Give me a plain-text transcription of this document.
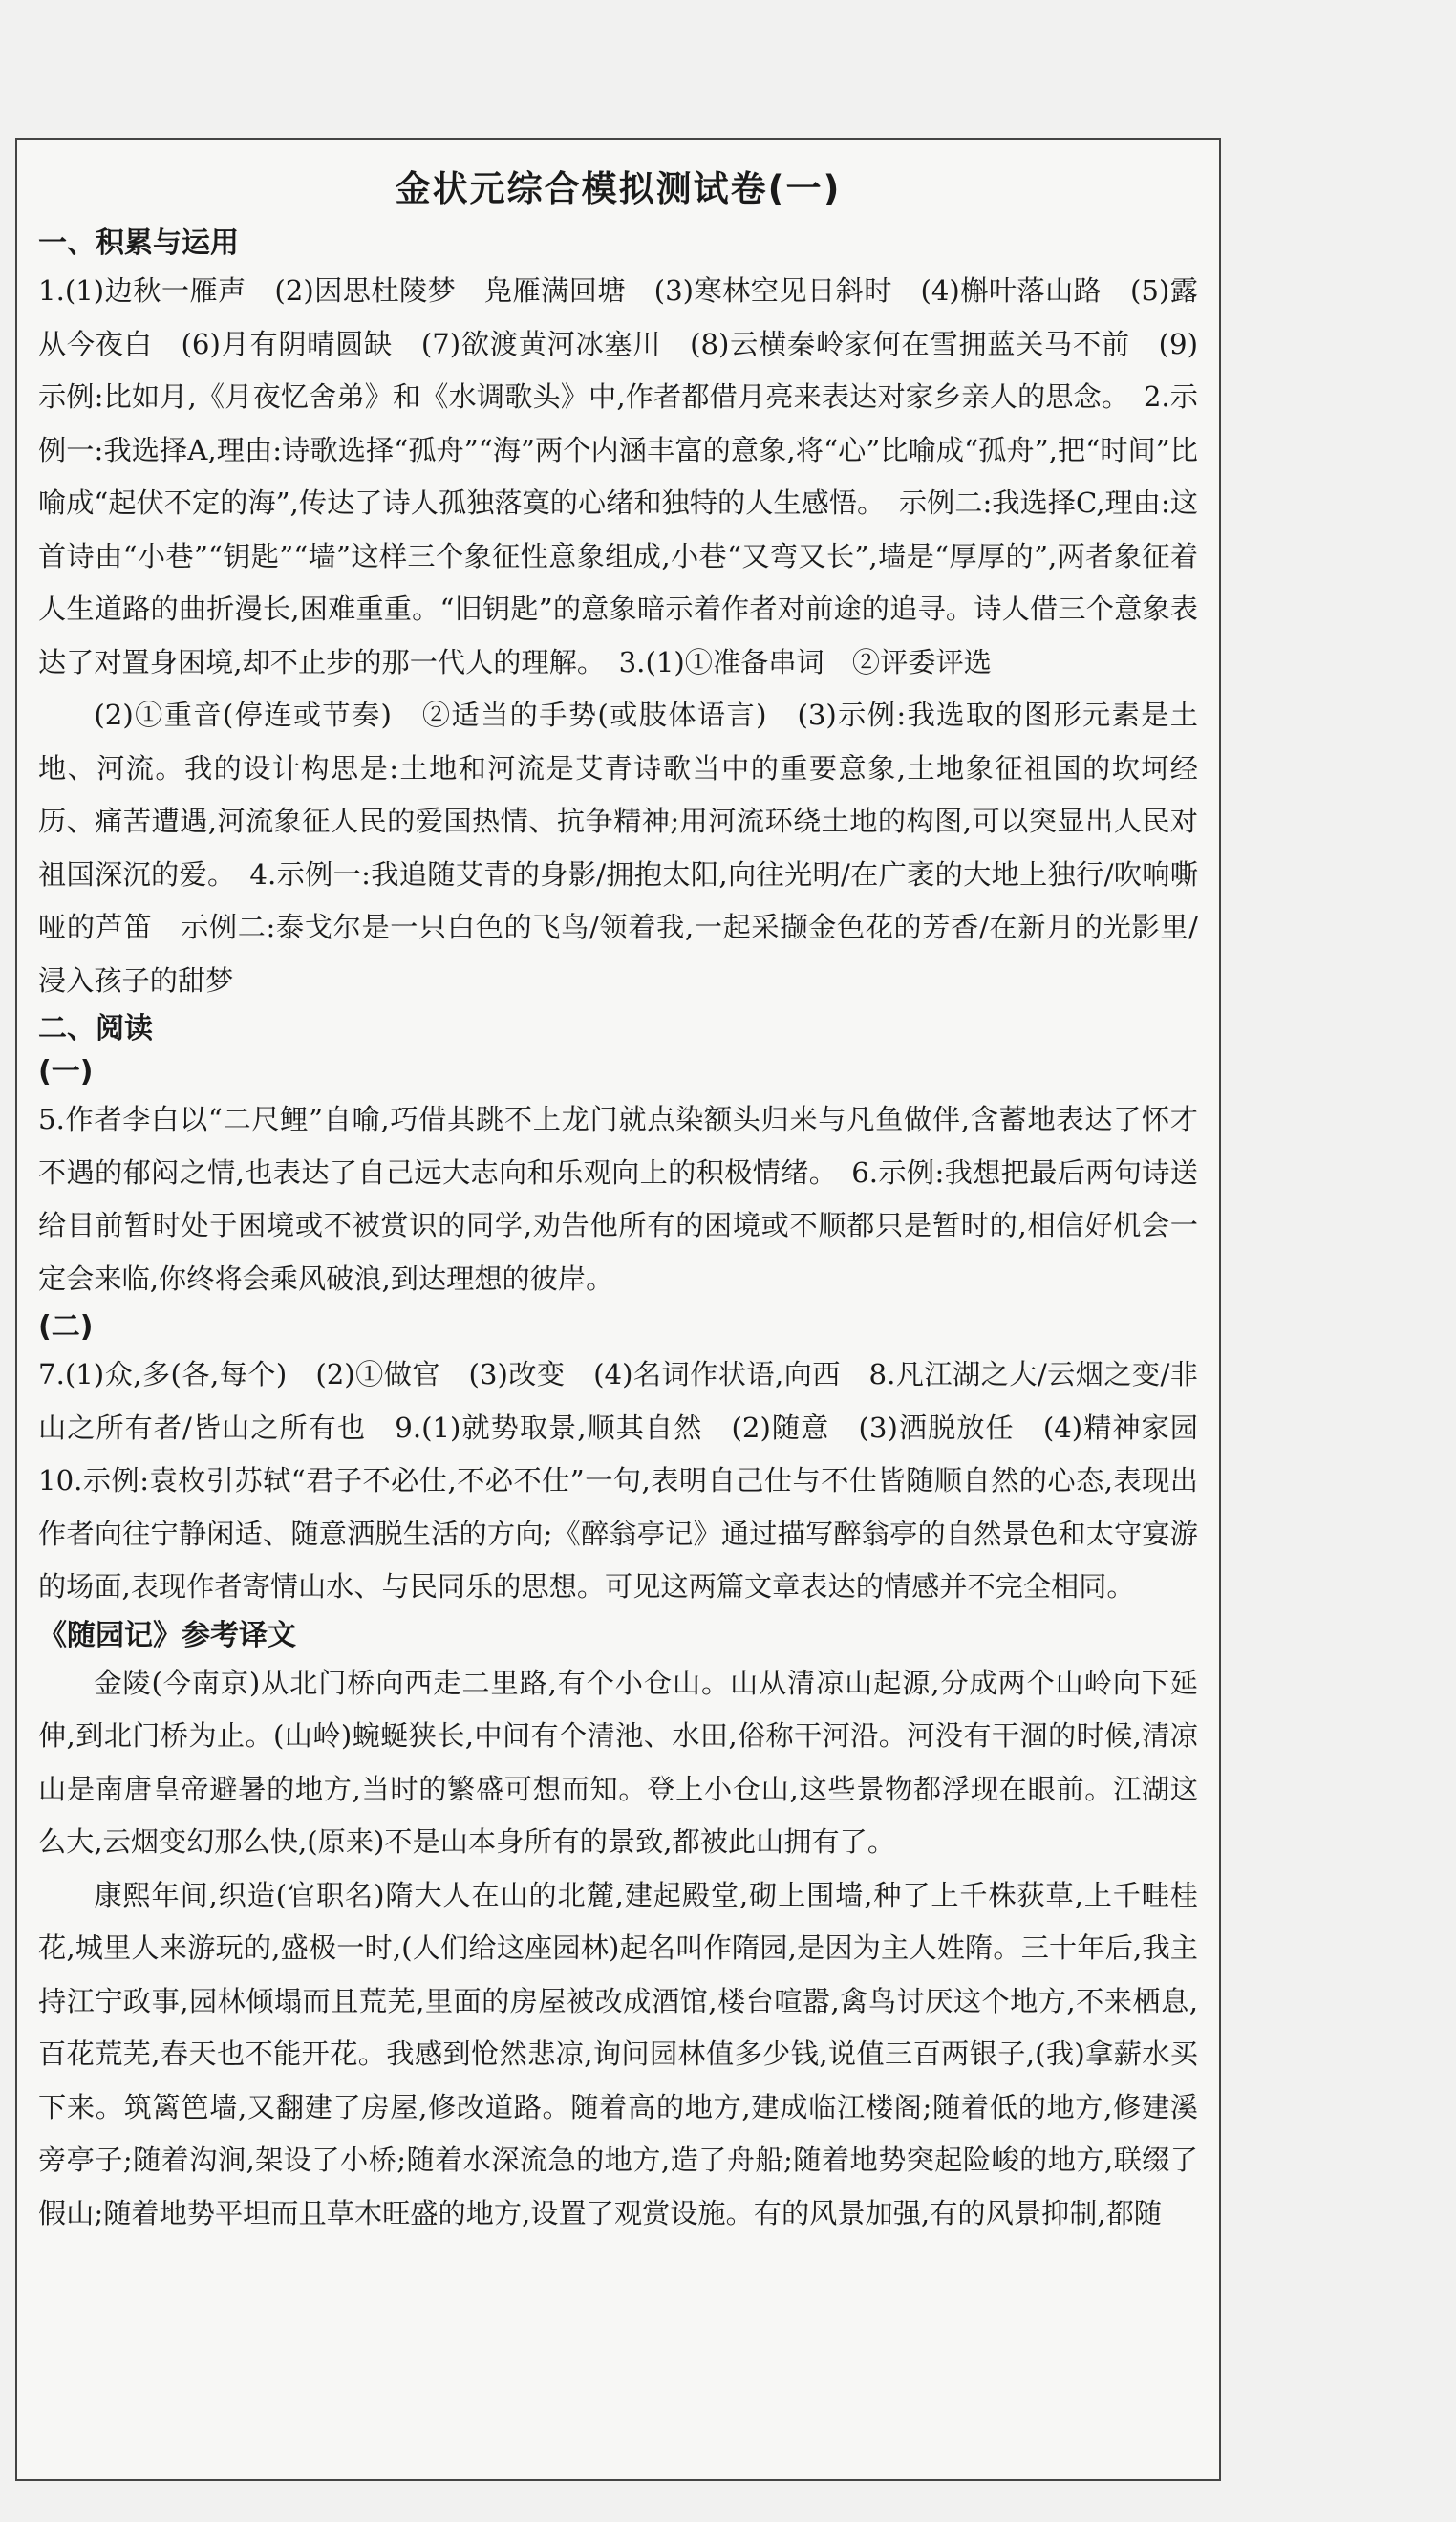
金状元综合模拟测试卷(一)
一、积累与运用

1.(1)边秋一雁声　(2)因思杜陵梦　凫雁满回塘　(3)寒林空见日斜时　(4)槲叶落山路　(5)露从今夜白　(6)月有阴晴圆缺　(7)欲渡黄河冰塞川　(8)云横秦岭家何在雪拥蓝关马不前　(9)示例:比如月,《月夜忆舍弟》和《水调歌头》中,作者都借月亮来表达对家乡亲人的思念。　2.示例一:我选择A,理由:诗歌选择“孤舟”“海”两个内涵丰富的意象,将“心”比喻成“孤舟”,把“时间”比喻成“起伏不定的海”,传达了诗人孤独落寞的心绪和独特的人生感悟。　示例二:我选择C,理由:这首诗由“小巷”“钥匙”“墙”这样三个象征性意象组成,小巷“又弯又长”,墙是“厚厚的”,两者象征着人生道路的曲折漫长,困难重重。“旧钥匙”的意象暗示着作者对前途的追寻。诗人借三个意象表达了对置身困境,却不止步的那一代人的理解。　3.(1)①准备串词　②评委评选

(2)①重音(停连或节奏)　②适当的手势(或肢体语言)　(3)示例:我选取的图形元素是土地、河流。我的设计构思是:土地和河流是艾青诗歌当中的重要意象,土地象征祖国的坎坷经历、痛苦遭遇,河流象征人民的爱国热情、抗争精神;用河流环绕土地的构图,可以突显出人民对祖国深沉的爱。　4.示例一:我追随艾青的身影/拥抱太阳,向往光明/在广袤的大地上独行/吹响嘶哑的芦笛　示例二:泰戈尔是一只白色的飞鸟/领着我,一起采撷金色花的芳香/在新月的光影里/浸入孩子的甜梦

二、阅读
(一)

5.作者李白以“二尺鲤”自喻,巧借其跳不上龙门就点染额头归来与凡鱼做伴,含蓄地表达了怀才不遇的郁闷之情,也表达了自己远大志向和乐观向上的积极情绪。　6.示例:我想把最后两句诗送给目前暂时处于困境或不被赏识的同学,劝告他所有的困境或不顺都只是暂时的,相信好机会一定会来临,你终将会乘风破浪,到达理想的彼岸。

(二)

7.(1)众,多(各,每个)　(2)①做官　(3)改变　(4)名词作状语,向西　8.凡江湖之大/云烟之变/非山之所有者/皆山之所有也　9.(1)就势取景,顺其自然　(2)随意　(3)洒脱放任　(4)精神家园　10.示例:袁枚引苏轼“君子不必仕,不必不仕”一句,表明自己仕与不仕皆随顺自然的心态,表现出作者向往宁静闲适、随意洒脱生活的方向;《醉翁亭记》通过描写醉翁亭的自然景色和太守宴游的场面,表现作者寄情山水、与民同乐的思想。可见这两篇文章表达的情感并不完全相同。

《随园记》参考译文

金陵(今南京)从北门桥向西走二里路,有个小仓山。山从清凉山起源,分成两个山岭向下延伸,到北门桥为止。(山岭)蜿蜒狭长,中间有个清池、水田,俗称干河沿。河没有干涸的时候,清凉山是南唐皇帝避暑的地方,当时的繁盛可想而知。登上小仓山,这些景物都浮现在眼前。江湖这么大,云烟变幻那么快,(原来)不是山本身所有的景致,都被此山拥有了。

康熙年间,织造(官职名)隋大人在山的北麓,建起殿堂,砌上围墙,种了上千株荻草,上千畦桂花,城里人来游玩的,盛极一时,(人们给这座园林)起名叫作隋园,是因为主人姓隋。三十年后,我主持江宁政事,园林倾塌而且荒芜,里面的房屋被改成酒馆,楼台喧嚣,禽鸟讨厌这个地方,不来栖息,百花荒芜,春天也不能开花。我感到怆然悲凉,询问园林值多少钱,说值三百两银子,(我)拿薪水买下来。筑篱笆墙,又翻建了房屋,修改道路。随着高的地方,建成临江楼阁;随着低的地方,修建溪旁亭子;随着沟涧,架设了小桥;随着水深流急的地方,造了舟船;随着地势突起险峻的地方,联缀了假山;随着地势平坦而且草木旺盛的地方,设置了观赏设施。有的风景加强,有的风景抑制,都随
